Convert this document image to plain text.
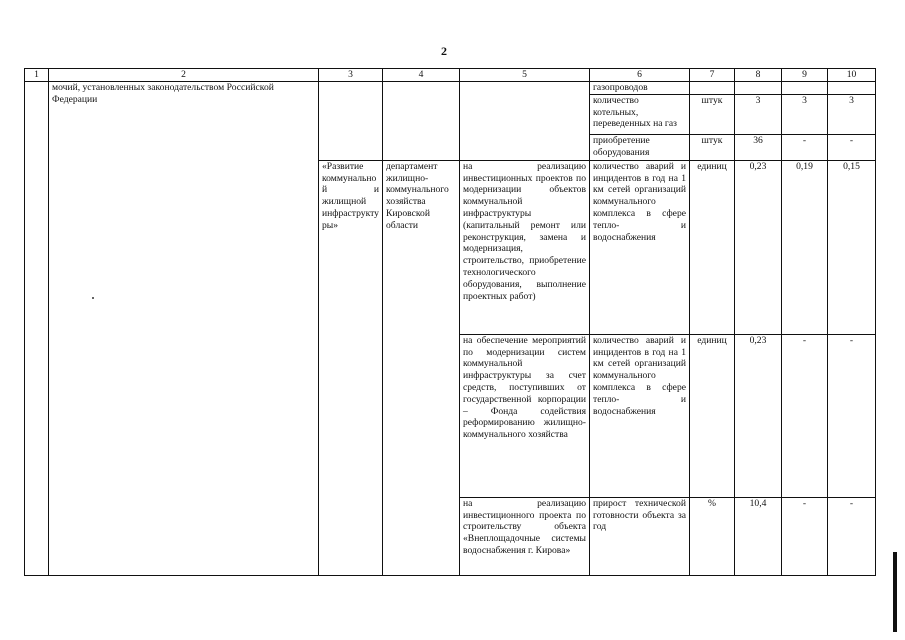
2
1	2	3	4	5	6	7	8	9	10
	мочий, установленных законодательством Российской Федерации				газопроводов				
					количество котельных, переведенных на газ	штук	3	3	3
					приобретение оборудования	штук	36	-	-
		«Развитие коммунальной и жилищной инфраструктуры»	департамент жилищно-коммунального хозяйства Кировской области	на реализацию инвестиционных проектов по модернизации объектов коммунальной инфраструктуры (капитальный ремонт или реконструкция, замена и модернизация, строительство, приобретение технологического оборудования, выполнение проектных работ)	количество аварий и инцидентов в год на 1 км сетей организаций коммунального комплекса в сфере тепло- и водоснабжения	единиц	0,23	0,19	0,15
				на обеспечение мероприятий по модернизации систем коммунальной инфраструктуры за счет средств, поступивших от государственной корпорации – Фонда содействия реформированию жилищно-коммунального хозяйства	количество аварий и инцидентов в год на 1 км сетей организаций коммунального комплекса в сфере тепло- и водоснабжения	единиц	0,23	-	-
				на реализацию инвестиционного проекта по строительству объекта «Внеплощадочные системы водоснабжения г. Кирова»	прирост технической готовности объекта за год	%	10,4	-	-
